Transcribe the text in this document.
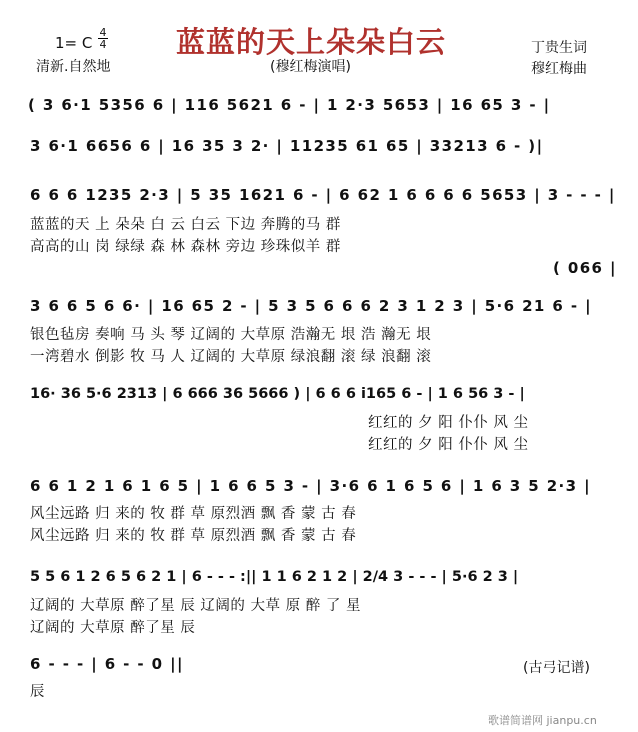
蓝蓝的天上朵朵白云
1= C
4
4
清新.自然地	(穆红梅演唱)
丁贵生词
穆红梅曲
( 3 6·1 5356 6 | 116 5621 6 - | 1 2·3 5653 | 16 65 3 - |
3 6·1 6656 6 | 16 35 3 2· | 11235 61 65 | 33213 6 - )|
6 6 6 1235 2·3 | 5 35 1621 6 - | 6 62 1 6 6 6 6 5653 | 3 - - - |
蓝蓝的天 上 朵朵 白 云 白云 下边 奔腾的马 群
高高的山 岗 绿绿 森 林 森林 旁边 珍珠似羊 群
( 066 |
3 6 6 5 6 6· | 16 65 2 - | 5 3 5 6 6 6 2 3 1 2 3 | 5·6 21 6 - |
银色毡房 奏响 马 头 琴 辽阔的 大草原 浩瀚无 垠 浩 瀚无 垠
一湾碧水 倒影 牧 马 人 辽阔的 大草原 绿浪翻 滚 绿 浪翻 滚
16· 36 5·6 2313 | 6 666 36 5666 ) | 6 6 6 i165 6 - | 1 6 56 3 - |
红红的 夕 阳 仆仆 风 尘
红红的 夕 阳 仆仆 风 尘
6 6 1 2 1 6 1 6 5 | 1 6 6 5 3 - | 3·6 6 1 6 5 6 | 1 6 3 5 2·3 |
风尘远路 归 来的 牧 群 草 原烈酒 飘 香 蒙 古 春
风尘远路 归 来的 牧 群 草 原烈酒 飘 香 蒙 古 春
5 5 6 1 2 6 5 6 2 1 | 6 - - - :|| 1 1 6 2 1 2 | 2/4 3 - - - | 5·6 2 3 |
辽阔的 大草原 醉了星 辰 辽阔的 大草 原 醉 了 星
辽阔的 大草原 醉了星 辰
6 - - - | 6 - - 0 ||
辰
(古弓记谱)
歌谱简谱网 jianpu.cn
